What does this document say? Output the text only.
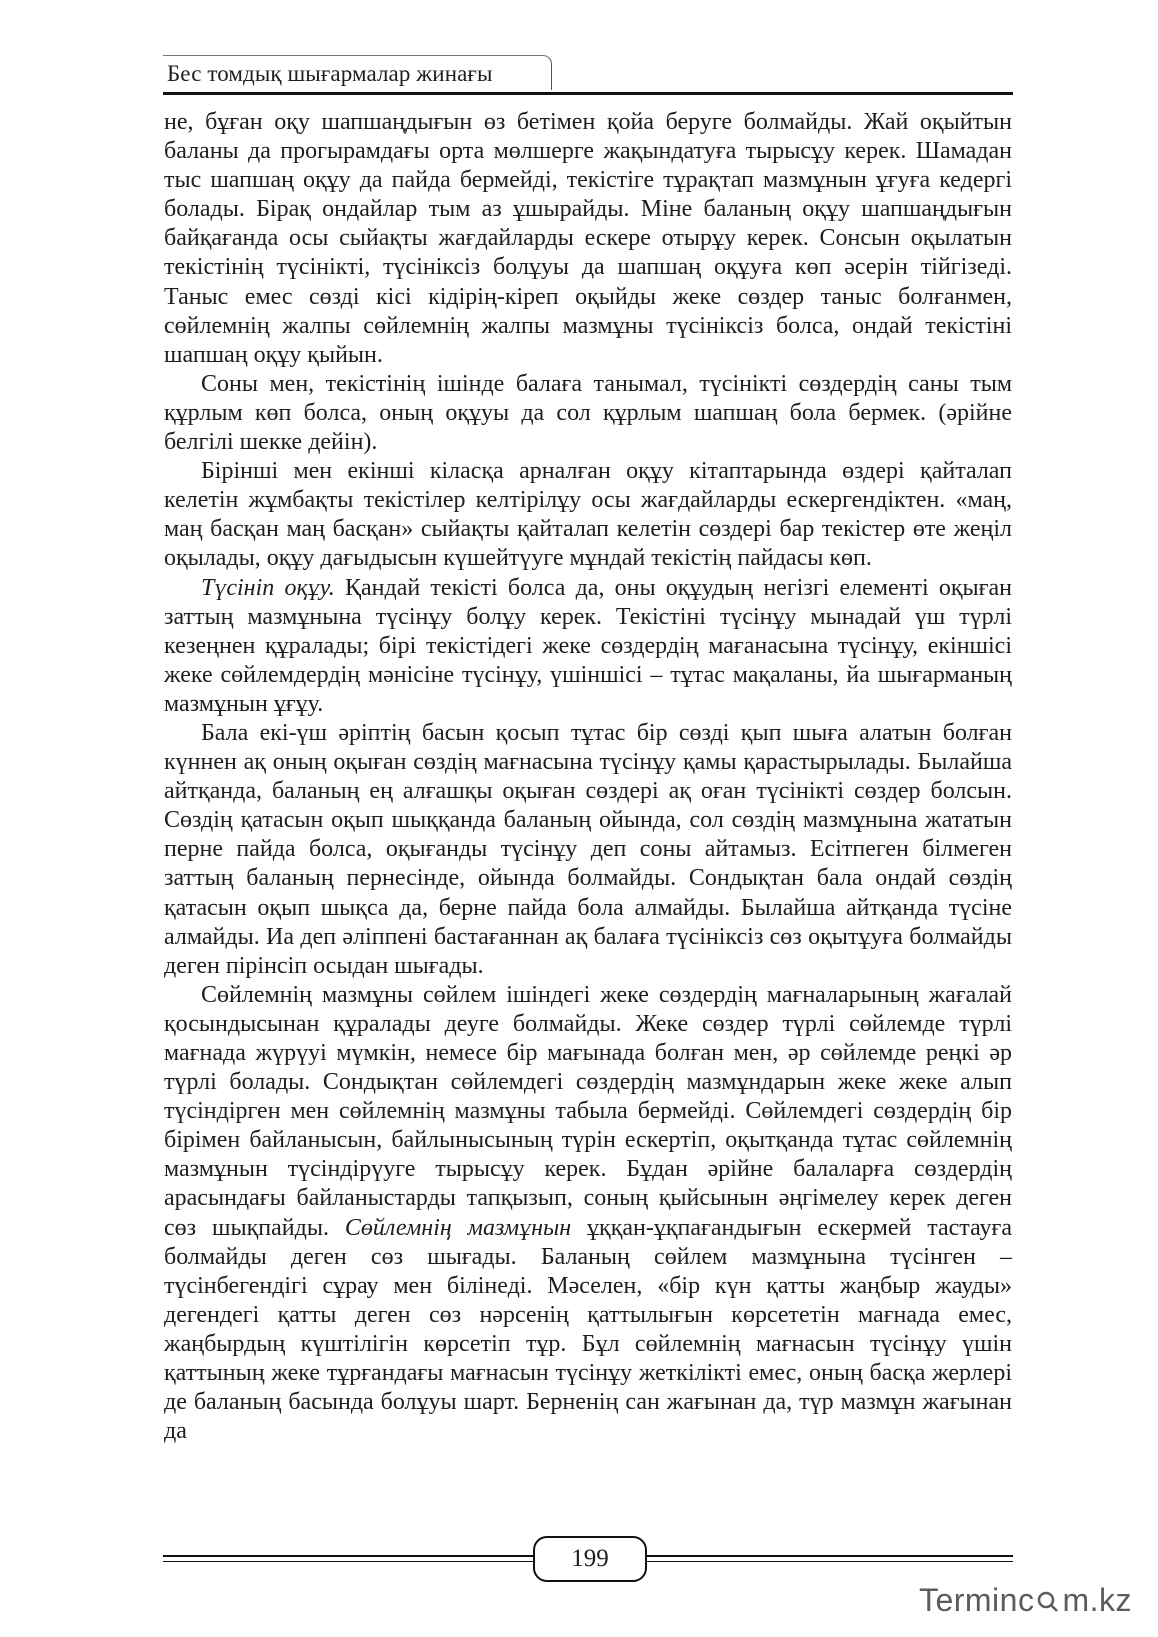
Бес томдық шығармалар жинағы

не, бұған оқу шапшаңдығын өз бетімен қойа беруге болмайды. Жай оқыйтын баланы да прогырамдағы орта мөлшерге жақындатуға тырысұу керек. Шамадан тыс шапшаң оқұу да пайда бермейді, текістіге тұрақтап мазмұнын ұғуға кедергі болады. Бірақ ондайлар тым аз ұшырайды. Міне баланың оқұу шапшаңдығын байқағанда осы сыйақты жағдайларды ескере отырұу керек. Сонсын оқылатын текістінің түсінікті, түсініксіз болұуы да шапшаң оқұуға көп әсерін тійгізеді. Таныс емес сөзді кісі кідірің-кіреп оқыйды жеке сөздер таныс болғанмен, сөйлемнің жалпы сөйлемнің жалпы мазмұны түсініксіз болса, ондай текістіні шапшаң оқұу қыйын.

Соны мен, текістінің ішінде балаға танымал, түсінікті сөздердің саны тым құрлым көп болса, оның оқұуы да сол құрлым шапшаң бола бермек. (әрійне белгілі шекке дейін).

Бірінші мен екінші кіласқа арналған оқұу кітаптарында өздері қайталап келетін жұмбақты текістілер келтірілұу осы жағдайларды ескергендіктен. «маң, маң басқан маң басқан» сыйақты қайталап келетін сөздері бар текістер өте жеңіл оқылады, оқұу дағыдысын күшейтүуге мұндай текістің пайдасы көп.

Түсініп оқұу. Қандай текісті болса да, оны оқұудың негізгі елементі оқыған заттың мазмұнына түсінұу болұу керек. Текістіні түсінұу мынадай үш түрлі кезеңнен құралады; бірі текістідегі жеке сөздердің мағанасына түсінұу, екіншісі жеке сөйлемдердің мәнісіне түсінұу, үшіншісі – тұтас мақаланы, йа шығарманың мазмұнын ұғұу.

Бала екі-үш әріптің басын қосып тұтас бір сөзді қып шыға алатын болған күннен ақ оның оқыған сөздің мағнасына түсінұу қамы қарастырылады. Былайша айтқанда, баланың ең алғашқы оқыған сөздері ақ оған түсінікті сөздер болсын. Сөздің қатасын оқып шыққанда баланың ойында, сол сөздің мазмұнына жататын перне пайда болса, оқығанды түсінұу деп соны айтамыз. Есітпеген білмеген заттың баланың пернесінде, ойында болмайды. Сондықтан бала ондай сөздің қатасын оқып шықса да, берне пайда бола алмайды. Былайша айтқанда түсіне алмайды. Иа деп әліппені бастағаннан ақ балаға түсініксіз сөз оқытұуға болмайды деген пірінсіп осыдан шығады.

Сөйлемнің мазмұны сөйлем ішіндегі жеке сөздердің мағналарының жағалай қосындысынан құралады деуге болмайды. Жеке сөздер түрлі сөйлемде түрлі мағнада жүрүуі мүмкін, немесе бір мағынада болған мен, әр сөйлемде реңкі әр түрлі болады. Сондықтан сөйлемдегі сөздердің мазмұндарын жеке жеке алып түсіндірген мен сөйлемнің мазмұны табыла бермейді. Сөйлемдегі сөздердің бір бірімен байланысын, байлынысының түрін ескертіп, оқытқанда тұтас сөйлемнің мазмұнын түсіндірүуге тырысұу керек. Бұдан әрійне балаларға сөздердің арасындағы байланыстарды тапқызып, соның қыйсынын әңгімелеу керек деген сөз шықпайды. Сөйлемнің мазмұнын ұққан-ұқпағандығын ескермей тастауға болмайды деген сөз шығады. Баланың сөйлем мазмұнына түсінген – түсінбегендігі сұрау мен білінеді. Мәселен, «бір күн қатты жаңбыр жауды» дегендегі қатты деген сөз нәрсенің қаттылығын көрсететін мағнада емес, жаңбырдың күштілігін көрсетіп тұр. Бұл сөйлемнің мағнасын түсінұу үшін қаттының жеке тұрғандағы мағнасын түсінұу жеткілікті емес, оның басқа жерлері де баланың басында болұуы шарт. Берненің сан жағынан да, түр мазмұн жағынан да

199
Terminc m.kz
